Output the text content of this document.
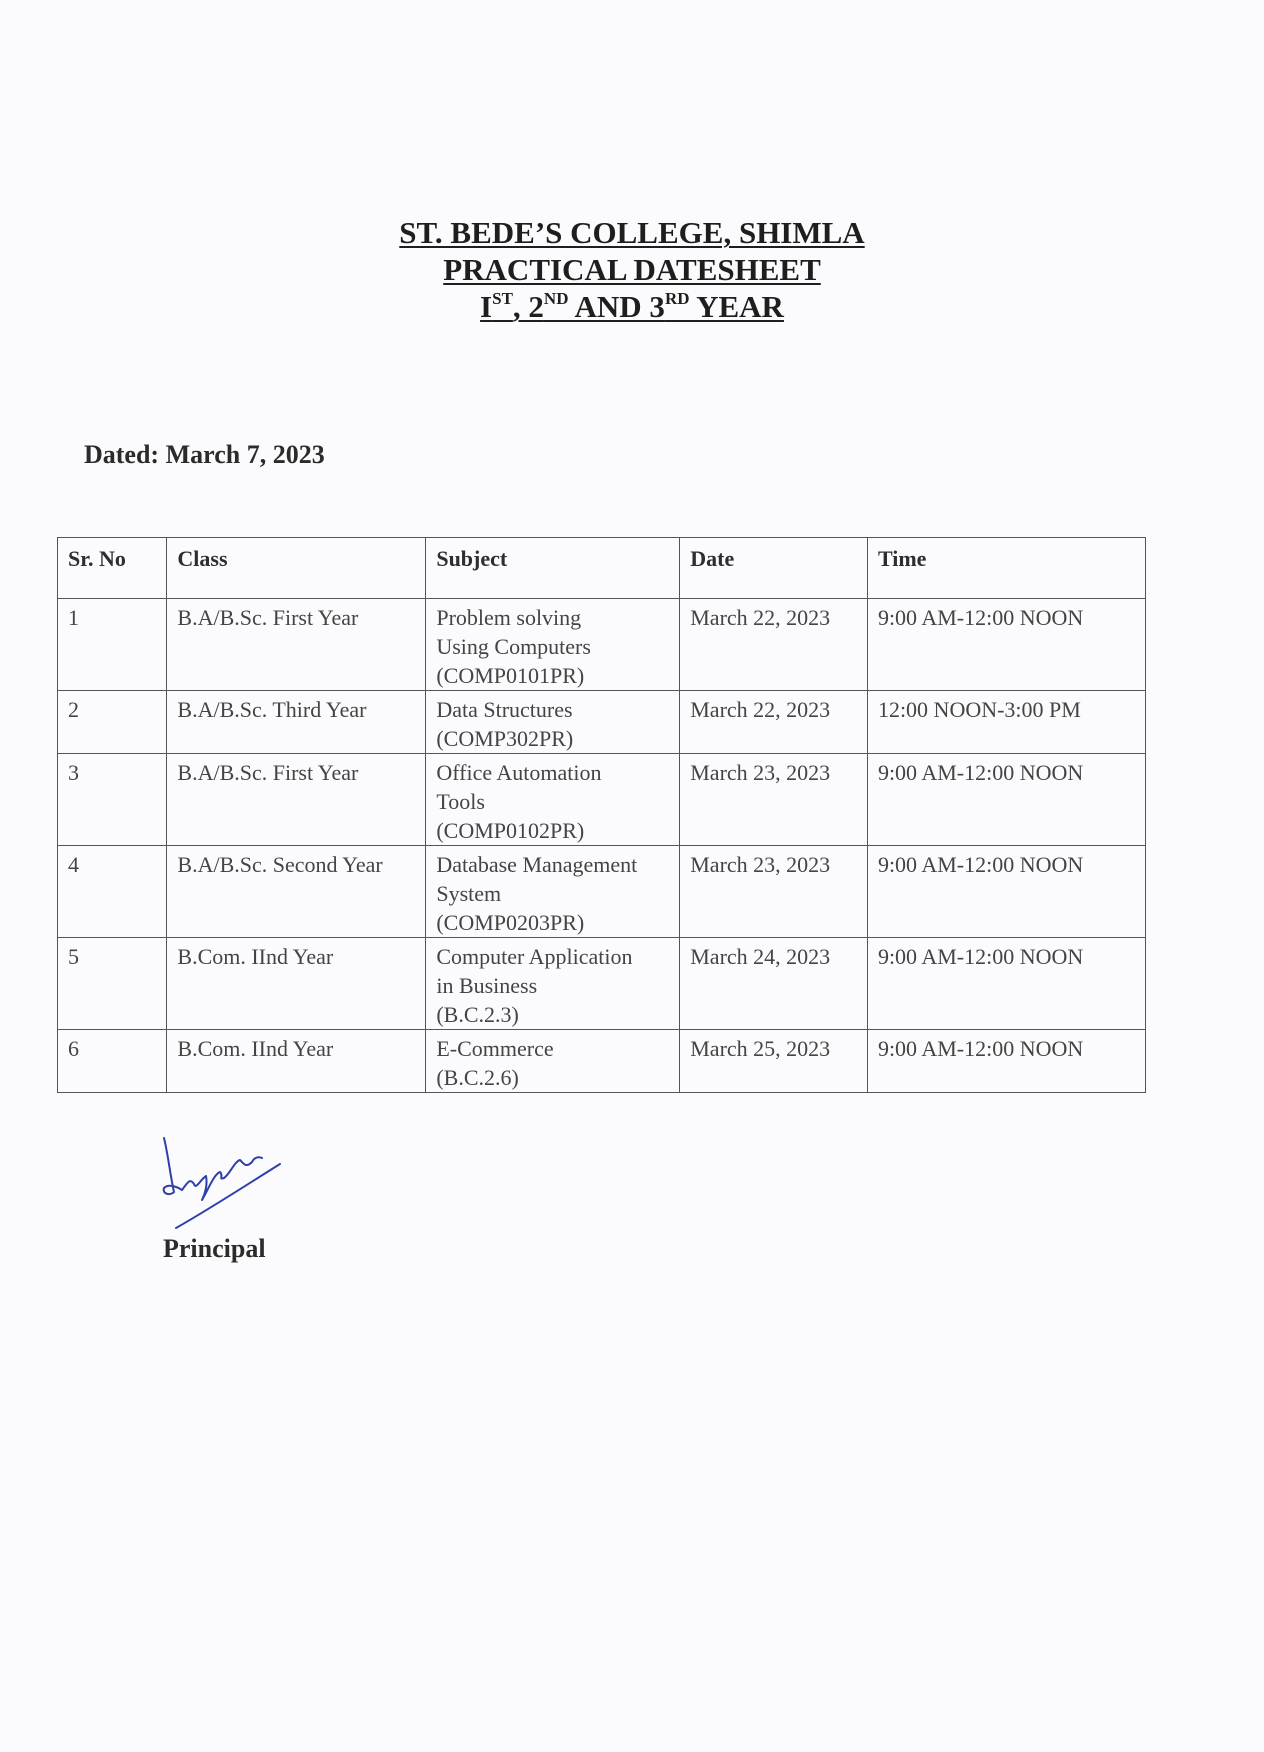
ST. BEDE’S COLLEGE, SHIMLA
PRACTICAL DATESHEET
IST, 2ND AND 3RD YEAR
Dated: March 7, 2023
Sr. No	Class	Subject	Date	Time
1	B.A/B.Sc. First Year	Problem solving
Using Computers
(COMP0101PR)	March 22, 2023	9:00 AM-12:00 NOON
2	B.A/B.Sc. Third Year	Data Structures
(COMP302PR)	March 22, 2023	12:00 NOON-3:00 PM
3	B.A/B.Sc. First Year	Office Automation
Tools
(COMP0102PR)	March 23, 2023	9:00 AM-12:00 NOON
4	B.A/B.Sc. Second Year	Database Management
System
(COMP0203PR)	March 23, 2023	9:00 AM-12:00 NOON
5	B.Com. IInd Year	Computer Application
in Business
(B.C.2.3)	March 24, 2023	9:00 AM-12:00 NOON
6	B.Com. IInd Year	E-Commerce
(B.C.2.6)	March 25, 2023	9:00 AM-12:00 NOON
Principal
